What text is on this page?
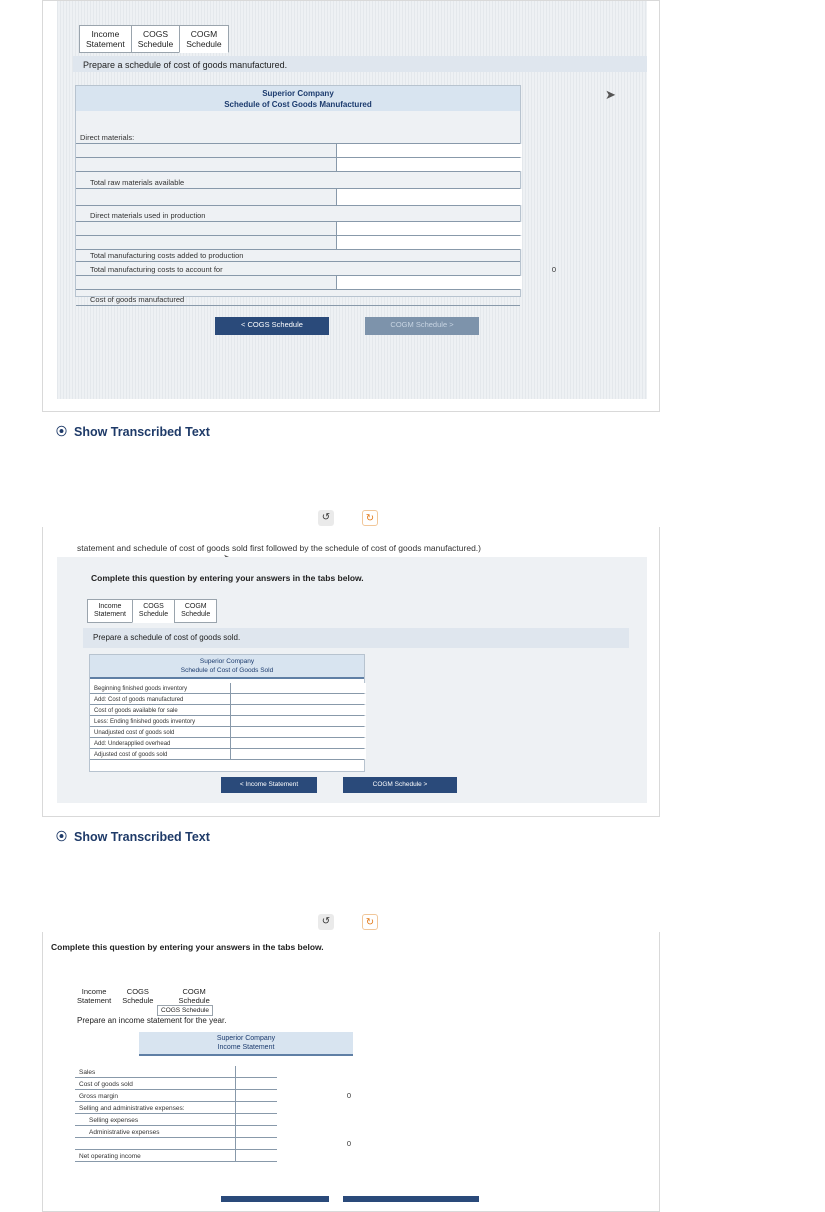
Income
Statement
COGS
Schedule
COGM
Schedule
Prepare a schedule of cost of goods manufactured.
Superior Company
Schedule of Cost Goods Manufactured
Direct materials:
Total raw materials available
Direct materials used in production
Total manufacturing costs added to production
Total manufacturing costs to account for	0
Cost of goods manufactured
< COGS Schedule	COGM Schedule >
➤
⦿ Show Transcribed Text
↺	↻
statement and schedule of cost of goods sold first followed by the schedule of cost of goods manufactured.)
Complete this question by entering your answers in the tabs below.
Income
Statement
COGS
Schedule
COGM
Schedule
Prepare a schedule of cost of goods sold.
Superior Company
Schedule of Cost of Goods Sold
Beginning finished goods inventory
Add: Cost of goods manufactured
Cost of goods available for sale
Less: Ending finished goods inventory
Unadjusted cost of goods sold
Add: Underapplied overhead
Adjusted cost of goods sold
< Income Statement	COGM Schedule >
⦿ Show Transcribed Text
↺	↻
Complete this question by entering your answers in the tabs below.
Income
Statement
COGS
Schedule
COGM
Schedule
COGS Schedule
Prepare an income statement for the year.
Superior Company
Income Statement
Sales
Cost of goods sold
Gross margin	0
Selling and administrative expenses:
Selling expenses
Administrative expenses
0
Net operating income
